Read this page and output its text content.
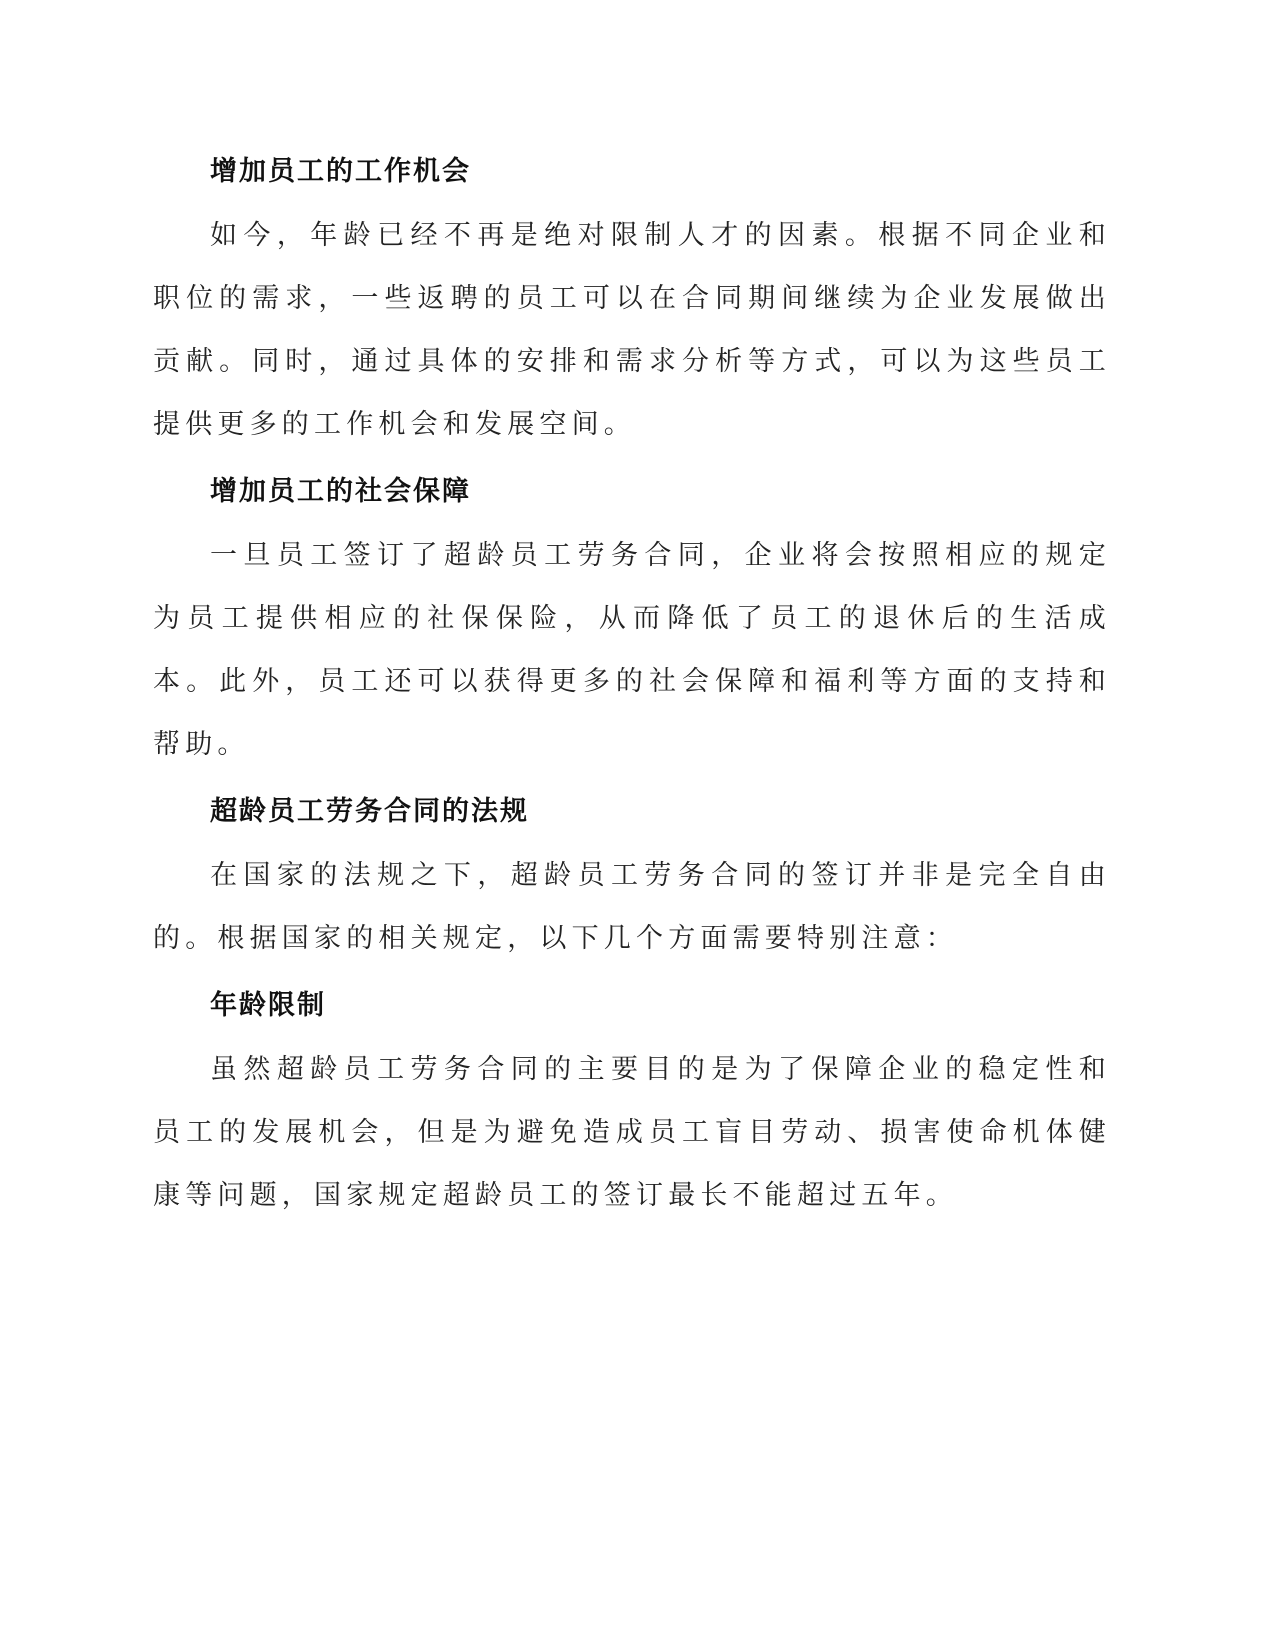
增加员工的工作机会

如今，年龄已经不再是绝对限制人才的因素。根据不同企业和职位的需求，一些返聘的员工可以在合同期间继续为企业发展做出贡献。同时，通过具体的安排和需求分析等方式，可以为这些员工提供更多的工作机会和发展空间。

增加员工的社会保障

一旦员工签订了超龄员工劳务合同，企业将会按照相应的规定为员工提供相应的社保保险，从而降低了员工的退休后的生活成本。此外，员工还可以获得更多的社会保障和福利等方面的支持和帮助。

超龄员工劳务合同的法规

在国家的法规之下，超龄员工劳务合同的签订并非是完全自由的。根据国家的相关规定，以下几个方面需要特别注意：

年龄限制

虽然超龄员工劳务合同的主要目的是为了保障企业的稳定性和员工的发展机会，但是为避免造成员工盲目劳动、损害使命机体健康等问题，国家规定超龄员工的签订最长不能超过五年。
